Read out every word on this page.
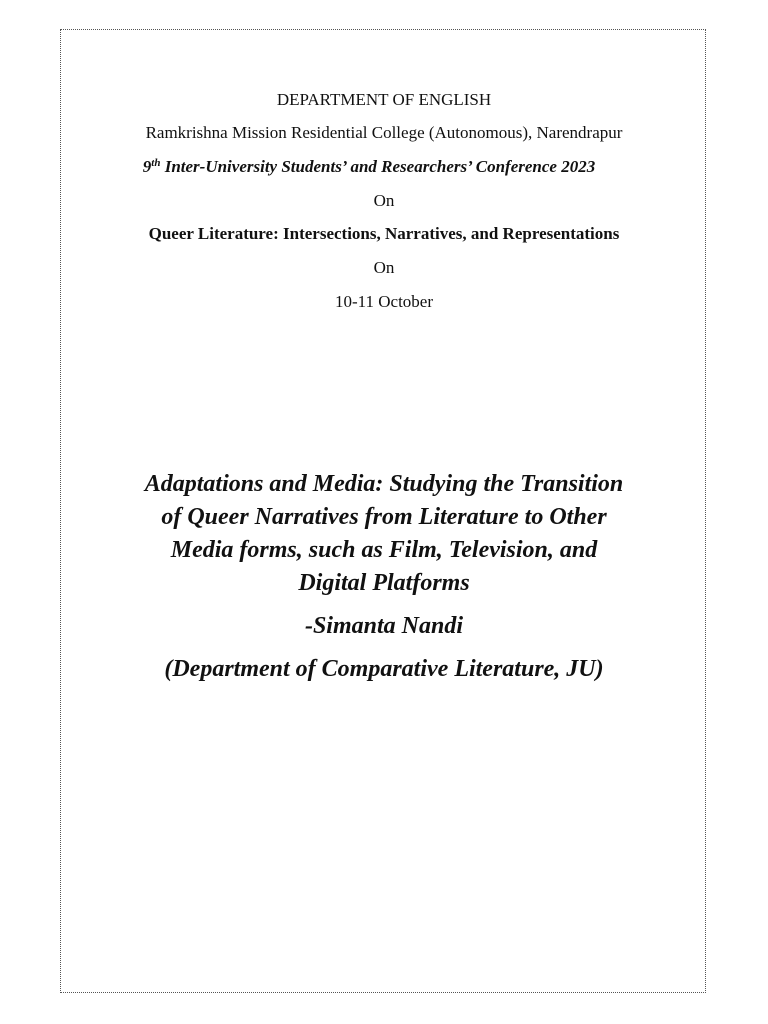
DEPARTMENT OF ENGLISH
Ramkrishna Mission Residential College (Autonomous), Narendrapur
9th Inter-University Students’ and Researchers’ Conference 2023
On
Queer Literature: Intersections, Narratives, and Representations
On
10-11 October
Adaptations and Media: Studying the Transition
of Queer Narratives from Literature to Other
Media forms, such as Film, Television, and
Digital Platforms
-Simanta Nandi
(Department of Comparative Literature, JU)
